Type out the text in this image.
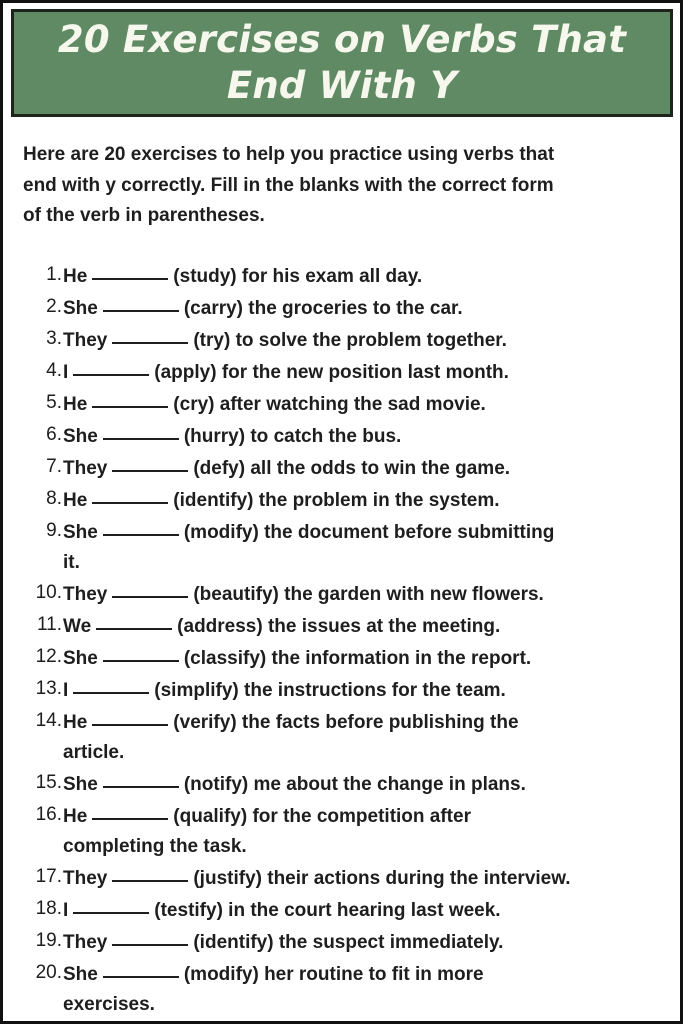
20 Exercises on Verbs That
End With Y
Here are 20 exercises to help you practice using verbs that
end with y correctly. Fill in the blanks with the correct form
of the verb in parentheses.
1. He	(study) for his exam all day.
2. She	(carry) the groceries to the car.
3. They	(try) to solve the problem together.
4. I	(apply) for the new position last month.
5. He	(cry) after watching the sad movie.
6. She	(hurry) to catch the bus.
7. They	(defy) all the odds to win the game.
8. He	(identify) the problem in the system.
9. She	(modify) the document before submitting
it.
10. They	(beautify) the garden with new flowers.
11. We	(address) the issues at the meeting.
12. She	(classify) the information in the report.
13. I	(simplify) the instructions for the team.
14. He	(verify) the facts before publishing the
article.
15. She	(notify) me about the change in plans.
16. He	(qualify) for the competition after
completing the task.
17. They	(justify) their actions during the interview.
18. I	(testify) in the court hearing last week.
19. They	(identify) the suspect immediately.
20. She	(modify) her routine to fit in more
exercises.
